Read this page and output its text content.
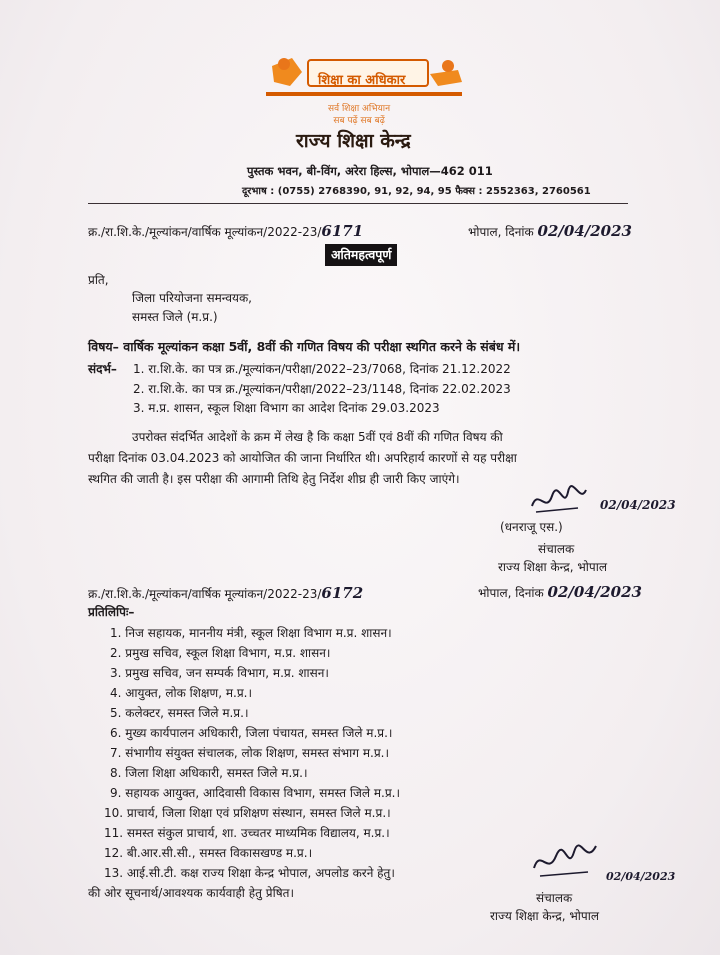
शिक्षा का अधिकार
सर्व शिक्षा अभियान
सब पढ़ें सब बढ़ें
राज्य शिक्षा केन्द्र
पुस्तक भवन, बी-विंग, अरेरा हिल्स, भोपाल—462 011
दूरभाष : (0755) 2768390, 91, 92, 94, 95 फैक्स : 2552363, 2760561
क्र./रा.शि.के./मूल्यांकन/वार्षिक मूल्यांकन/2022-23/6171	भोपाल, दिनांक 02/04/2023
अतिमहत्वपूर्ण
प्रति,
जिला परियोजना समन्वयक,
समस्त जिले (म.प्र.)
विषय– वार्षिक मूल्यांकन कक्षा 5वीं, 8वीं की गणित विषय की परीक्षा स्थगित करने के संबंध में।
संदर्भ– 1. रा.शि.के. का पत्र क्र./मूल्यांकन/परीक्षा/2022–23/7068, दिनांक 21.12.2022
2. रा.शि.के. का पत्र क्र./मूल्यांकन/परीक्षा/2022–23/1148, दिनांक 22.02.2023
3. म.प्र. शासन, स्कूल शिक्षा विभाग का आदेश दिनांक 29.03.2023
उपरोक्त संदर्भित आदेशों के क्रम में लेख है कि कक्षा 5वीं एवं 8वीं की गणित विषय की
परीक्षा दिनांक 03.04.2023 को आयोजित की जाना निर्धारित थी। अपरिहार्य कारणों से यह परीक्षा
स्थगित की जाती है। इस परीक्षा की आगामी तिथि हेतु निर्देश शीघ्र ही जारी किए जाएंगे।
02/04/2023
(धनराजू एस.)
संचालक
राज्य शिक्षा केन्द्र, भोपाल
क्र./रा.शि.के./मूल्यांकन/वार्षिक मूल्यांकन/2022-23/6172	भोपाल, दिनांक 02/04/2023
प्रतिलिपिः–
1. निज सहायक, माननीय मंत्री, स्कूल शिक्षा विभाग म.प्र. शासन।
2. प्रमुख सचिव, स्कूल शिक्षा विभाग, म.प्र. शासन।
3. प्रमुख सचिव, जन सम्पर्क विभाग, म.प्र. शासन।
4. आयुक्त, लोक शिक्षण, म.प्र.।
5. कलेक्टर, समस्त जिले म.प्र.।
6. मुख्य कार्यपालन अधिकारी, जिला पंचायत, समस्त जिले म.प्र.।
7. संभागीय संयुक्त संचालक, लोक शिक्षण, समस्त संभाग म.प्र.।
8. जिला शिक्षा अधिकारी, समस्त जिले म.प्र.।
9. सहायक आयुक्त, आदिवासी विकास विभाग, समस्त जिले म.प्र.।
10. प्राचार्य, जिला शिक्षा एवं प्रशिक्षण संस्थान, समस्त जिले म.प्र.।
11. समस्त संकुल प्राचार्य, शा. उच्चतर माध्यमिक विद्यालय, म.प्र.।
12. बी.आर.सी.सी., समस्त विकासखण्ड म.प्र.।
13. आई.सी.टी. कक्ष राज्य शिक्षा केन्द्र भोपाल, अपलोड करने हेतु।
की ओर सूचनार्थ/आवश्यक कार्यवाही हेतु प्रेषित।
02/04/2023
संचालक
राज्य शिक्षा केन्द्र, भोपाल
